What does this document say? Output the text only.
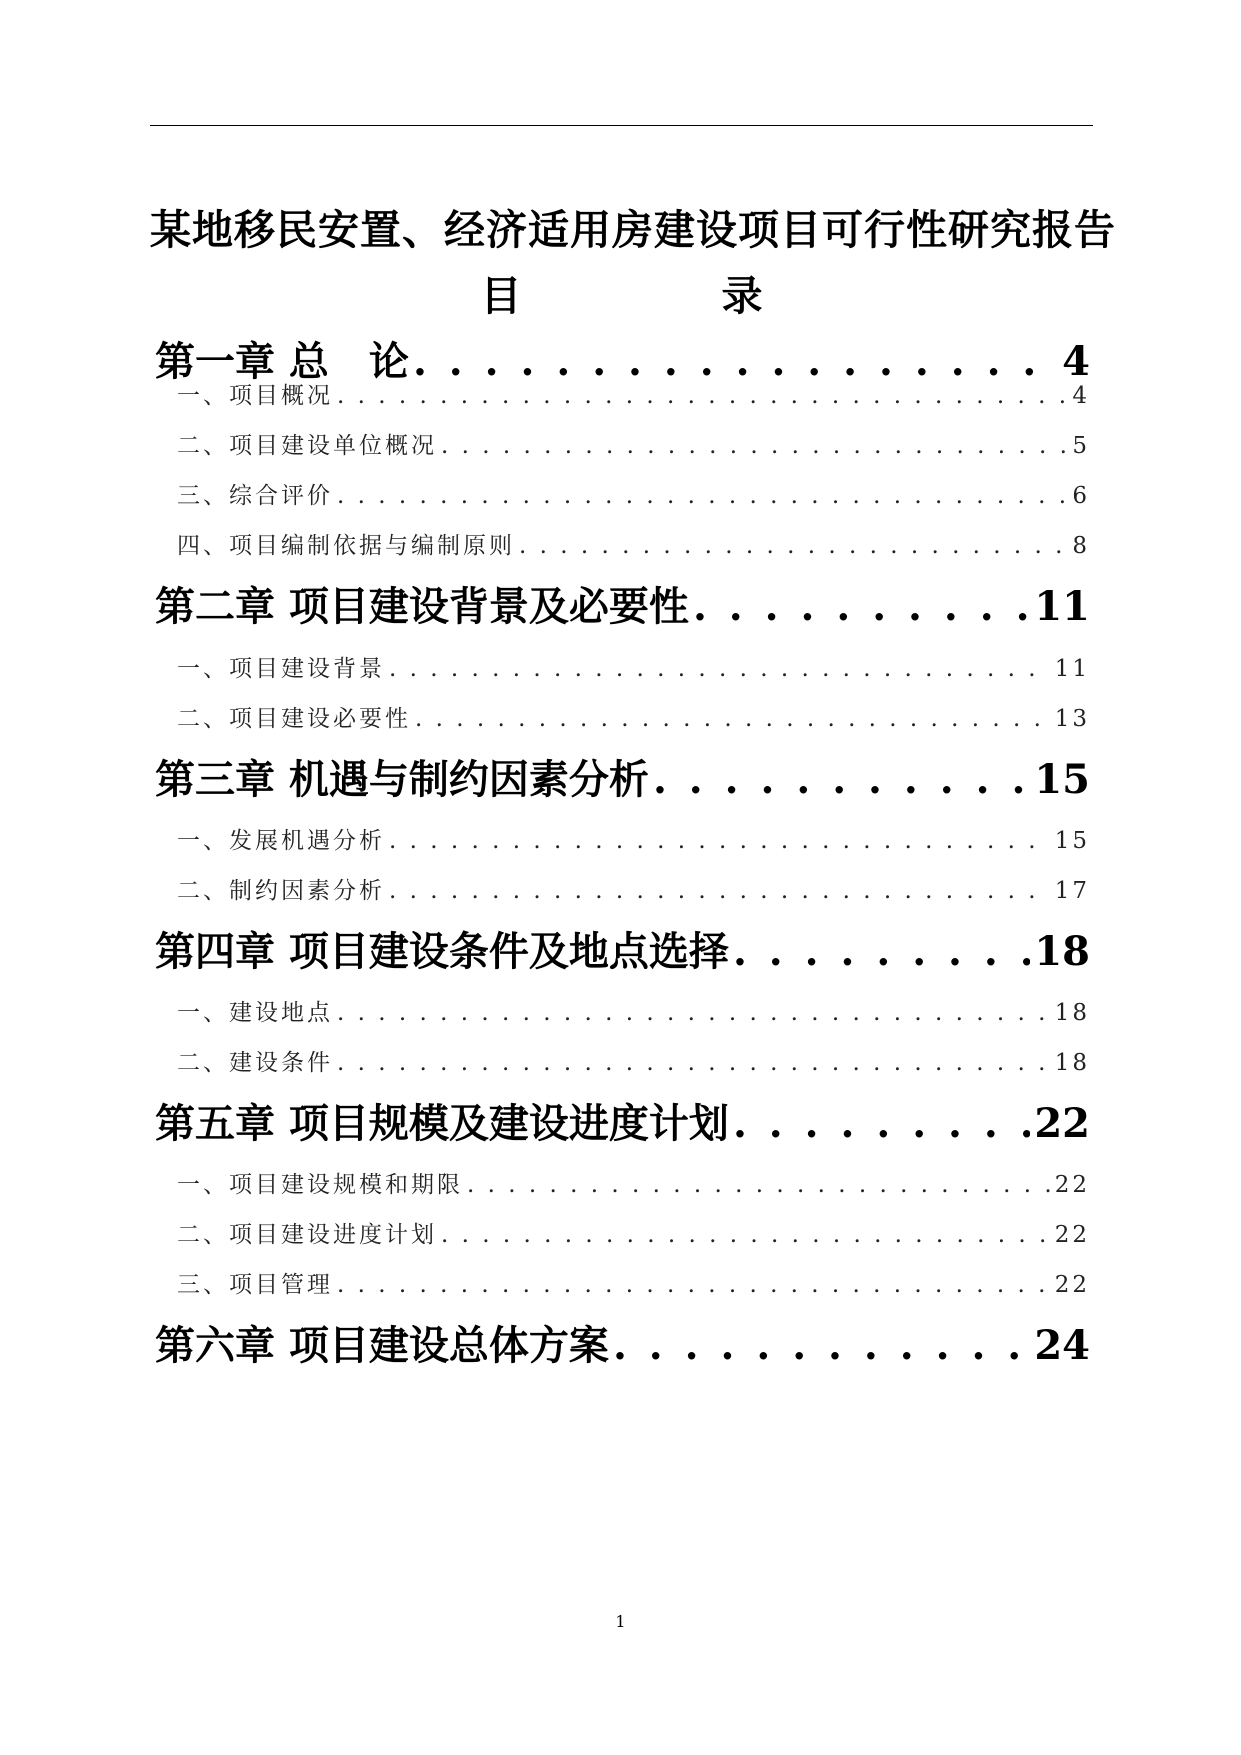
某地移民安置、经济适用房建设项目可行性研究报告
目	录
第一章 总　论 . . .	4
一、项目概况 . . .	4
二、项目建设单位概况 . . .	5
三、综合评价 . . .	6
四、项目编制依据与编制原则 . . .	8
第二章 项目建设背景及必要性 . . .	11
一、项目建设背景 . . .	11
二、项目建设必要性 . . .	13
第三章 机遇与制约因素分析 . . .	15
一、发展机遇分析 . . .	15
二、制约因素分析 . . .	17
第四章 项目建设条件及地点选择 . . .	18
一、建设地点 . . .	18
二、建设条件 . . .	18
第五章 项目规模及建设进度计划 . . .	22
一、项目建设规模和期限 . . .	22
二、项目建设进度计划 . . .	22
三、项目管理 . . .	22
第六章 项目建设总体方案 . . .	24
1
